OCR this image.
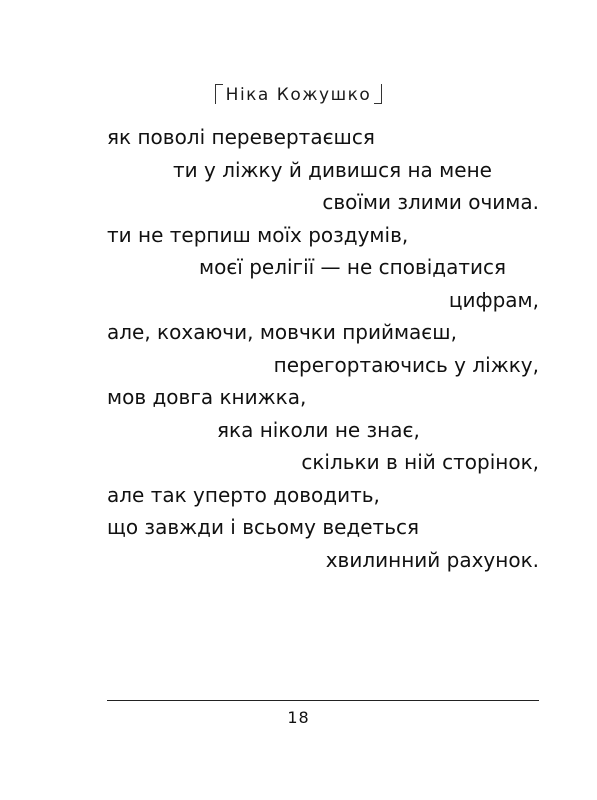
Ніка Кожушко
як поволі перевертаєшся
ти у ліжку й дивишся на мене
своїми злими очима.
ти не терпиш моїх роздумів,
моєї релігії — не сповідатися
цифрам,
але, кохаючи, мовчки приймаєш,
перегортаючись у ліжку,
мов довга книжка,
яка ніколи не знає,
скільки в ній сторінок,
але так уперто доводить,
що завжди і всьому ведеться
хвилинний рахунок.
18
